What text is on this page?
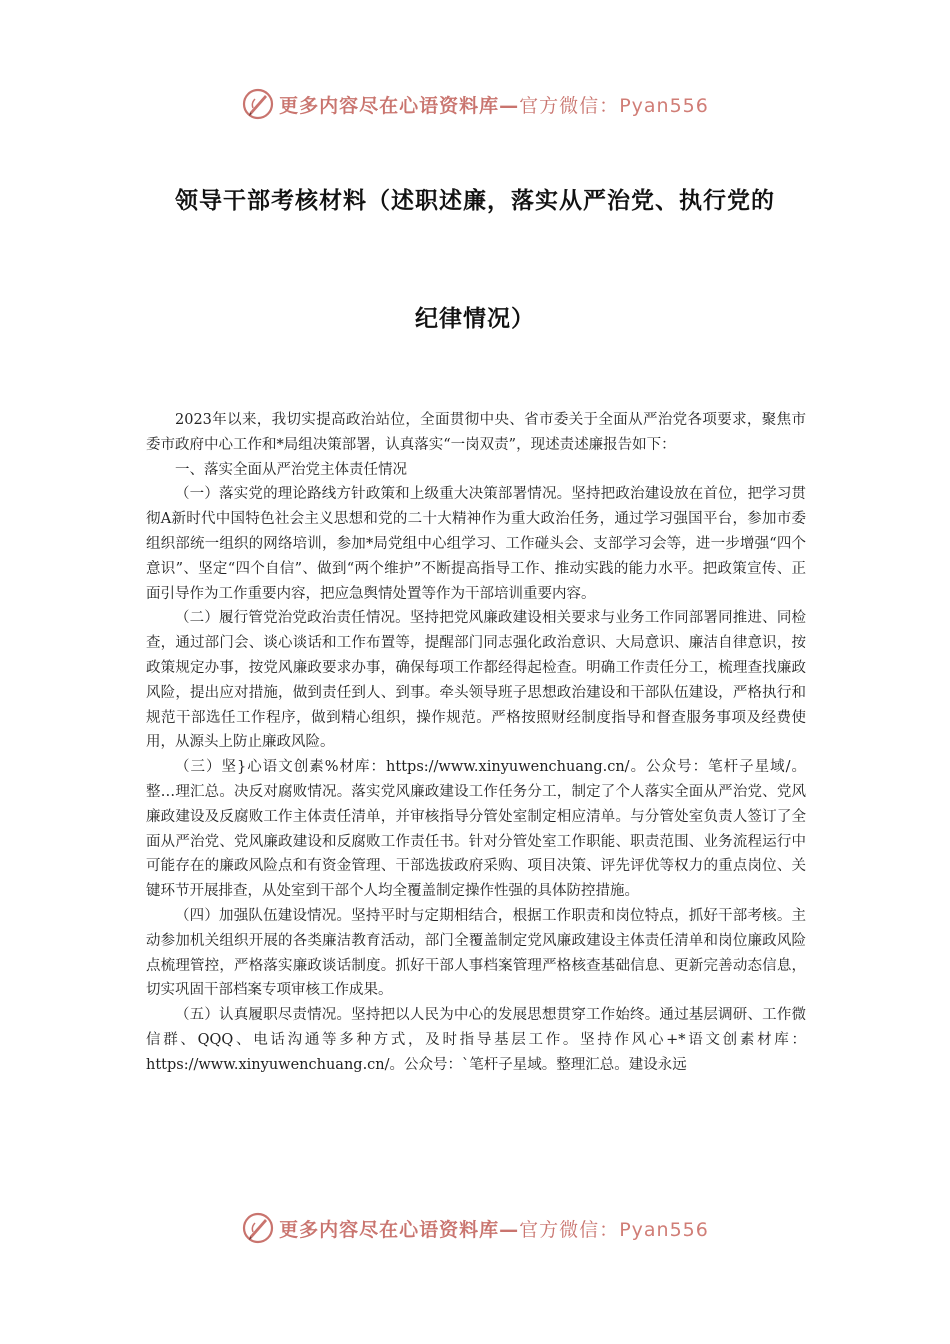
更多内容尽在心语资料库—官方微信：Pyan556
领导干部考核材料（述职述廉，落实从严治党、执行党的
纪律情况）

2023年以来，我切实提高政治站位，全面贯彻中央、省市委关于全面从严治党各项要求，聚焦市委市政府中心工作和*局组决策部署，认真落实“一岗双责”，现述责述廉报告如下：

一、落实全面从严治党主体责任情况

（一）落实党的理论路线方针政策和上级重大决策部署情况。坚持把政治建设放在首位，把学习贯彻A新时代中国特色社会主义思想和党的二十大精神作为重大政治任务，通过学习强国平台，参加市委组织部统一组织的网络培训，参加*局党组中心组学习、工作碰头会、支部学习会等，进一步增强“四个意识”、坚定“四个自信”、做到“两个维护”不断提高指导工作、推动实践的能力水平。把政策宣传、正面引导作为工作重要内容，把应急舆情处置等作为干部培训重要内容。

（二）履行管党治党政治责任情况。坚持把党风廉政建设相关要求与业务工作同部署同推进、同检查，通过部门会、谈心谈话和工作布置等，提醒部门同志强化政治意识、大局意识、廉洁自律意识，按政策规定办事，按党风廉政要求办事，确保每项工作都经得起检查。明确工作责任分工，梳理查找廉政风险，提出应对措施，做到责任到人、到事。牵头领导班子思想政治建设和干部队伍建设，严格执行和规范干部选任工作程序，做到精心组织，操作规范。严格按照财经制度指导和督查服务事项及经费使用，从源头上防止廉政风险。

（三）坚}心语文创素%材库：https://www.xinyuwenchuang.cn/。公众号：笔杆子星域/。整…理汇总。决反对腐败情况。落实党风廉政建设工作任务分工，制定了个人落实全面从严治党、党风廉政建设及反腐败工作主体责任清单，并审核指导分管处室制定相应清单。与分管处室负责人签订了全面从严治党、党风廉政建设和反腐败工作责任书。针对分管处室工作职能、职责范围、业务流程运行中可能存在的廉政风险点和有资金管理、干部选拔政府采购、项目决策、评先评优等权力的重点岗位、关键环节开展排查，从处室到干部个人均全覆盖制定操作性强的具体防控措施。

（四）加强队伍建设情况。坚持平时与定期相结合，根据工作职责和岗位特点，抓好干部考核。主动参加机关组织开展的各类廉洁教育活动，部门全覆盖制定党风廉政建设主体责任清单和岗位廉政风险点梳理管控，严格落实廉政谈话制度。抓好干部人事档案管理严格核查基础信息、更新完善动态信息，切实巩固干部档案专项审核工作成果。

（五）认真履职尽责情况。坚持把以人民为中心的发展思想贯穿工作始终。通过基层调研、工作微信群、QQQ、电话沟通等多种方式，及时指导基层工作。坚持作风心+*语文创素材库：https://www.xinyuwenchuang.cn/。公众号：`笔杆子星域。整理汇总。建设永远

更多内容尽在心语资料库—官方微信：Pyan556
